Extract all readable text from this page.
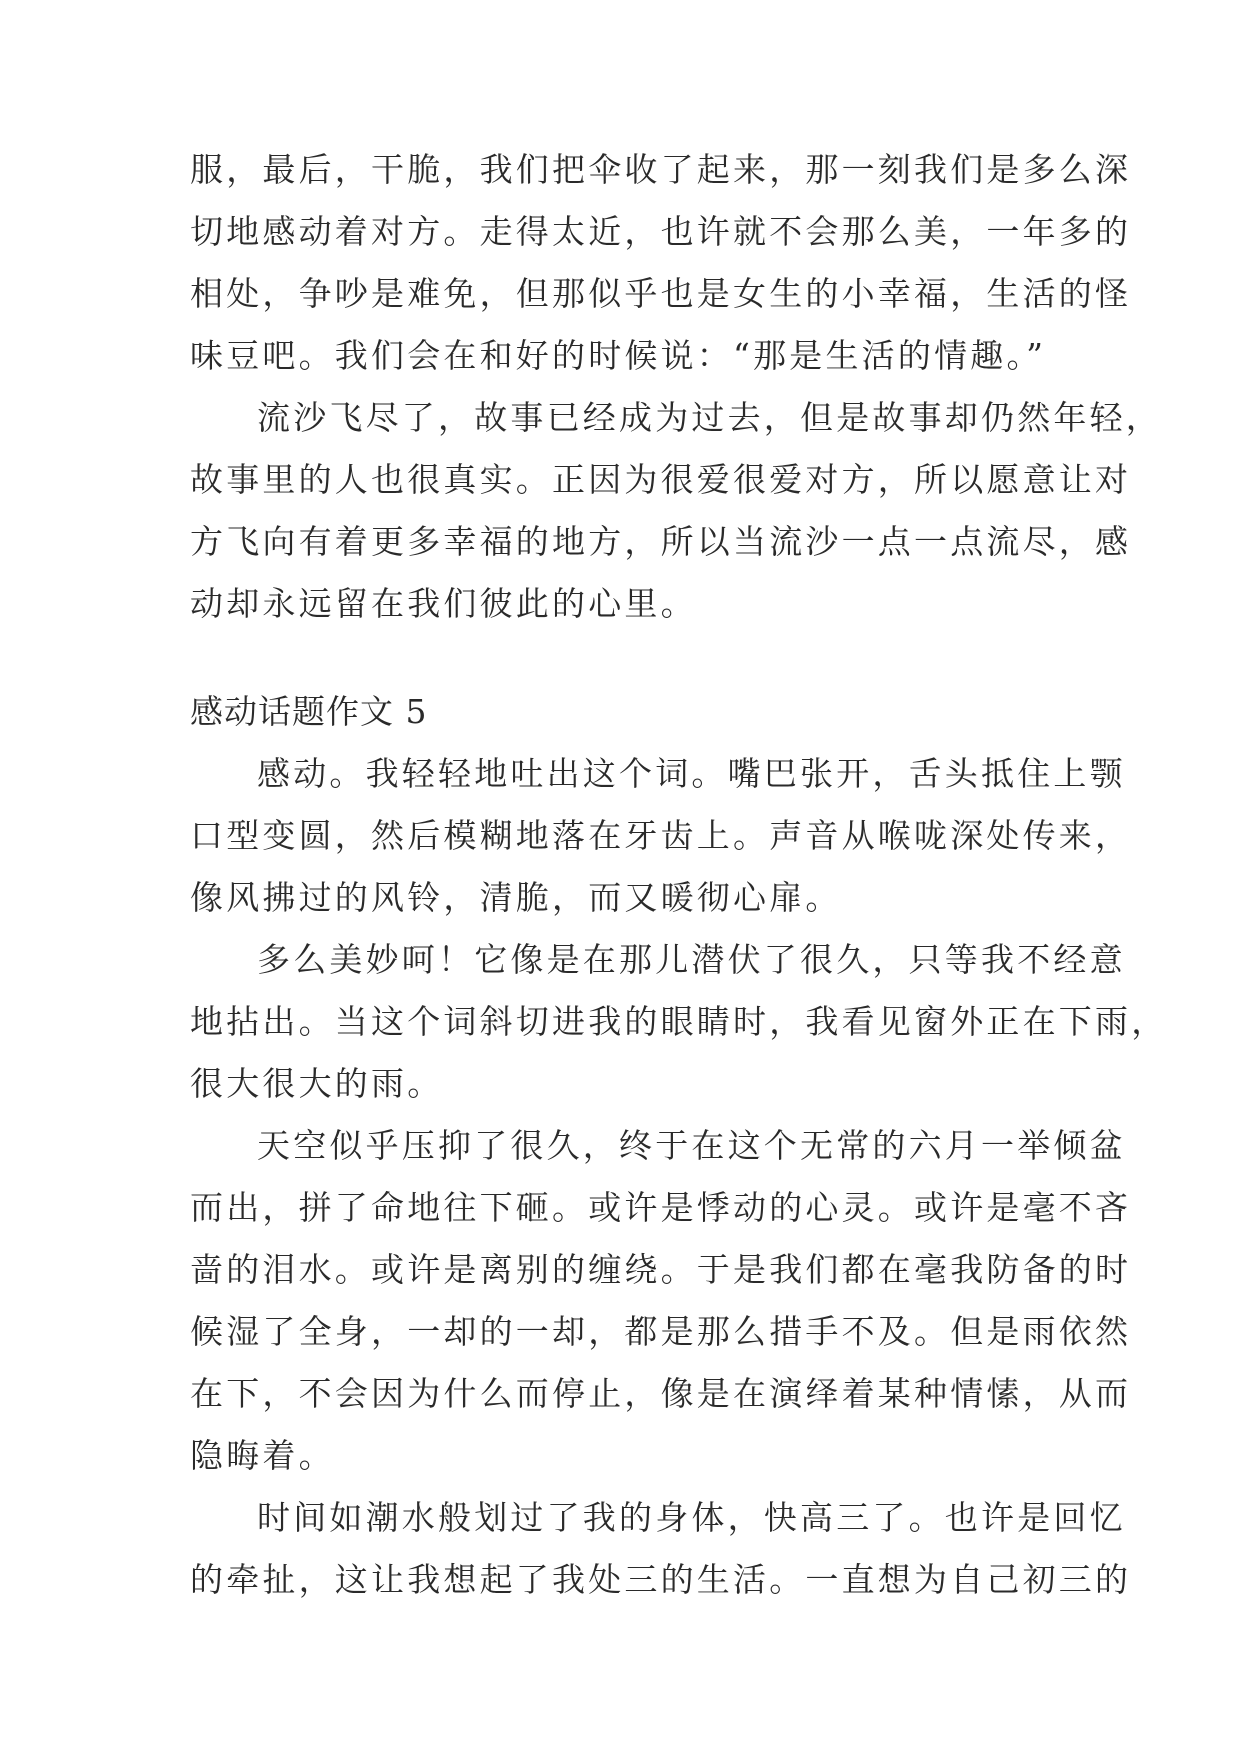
服，最后，干脆，我们把伞收了起来，那一刻我们是多么深
切地感动着对方。走得太近，也许就不会那么美，一年多的
相处，争吵是难免，但那似乎也是女生的小幸福，生活的怪
味豆吧。我们会在和好的时候说：“那是生活的情趣。”
流沙飞尽了，故事已经成为过去，但是故事却仍然年轻，
故事里的人也很真实。正因为很爱很爱对方，所以愿意让对
方飞向有着更多幸福的地方，所以当流沙一点一点流尽，感
动却永远留在我们彼此的心里。
感动话题作文 5
感动。我轻轻地吐出这个词。嘴巴张开，舌头抵住上颚
口型变圆，然后模糊地落在牙齿上。声音从喉咙深处传来，
像风拂过的风铃，清脆，而又暖彻心扉。
多么美妙呵！它像是在那儿潜伏了很久，只等我不经意
地拈出。当这个词斜切进我的眼睛时，我看见窗外正在下雨，
很大很大的雨。
天空似乎压抑了很久，终于在这个无常的六月一举倾盆
而出，拼了命地往下砸。或许是悸动的心灵。或许是毫不吝
啬的泪水。或许是离别的缠绕。于是我们都在毫我防备的时
候湿了全身，一却的一却，都是那么措手不及。但是雨依然
在下，不会因为什么而停止，像是在演绎着某种情愫，从而
隐晦着。
时间如潮水般划过了我的身体，快高三了。也许是回忆
的牵扯，这让我想起了我处三的生活。一直想为自己初三的
